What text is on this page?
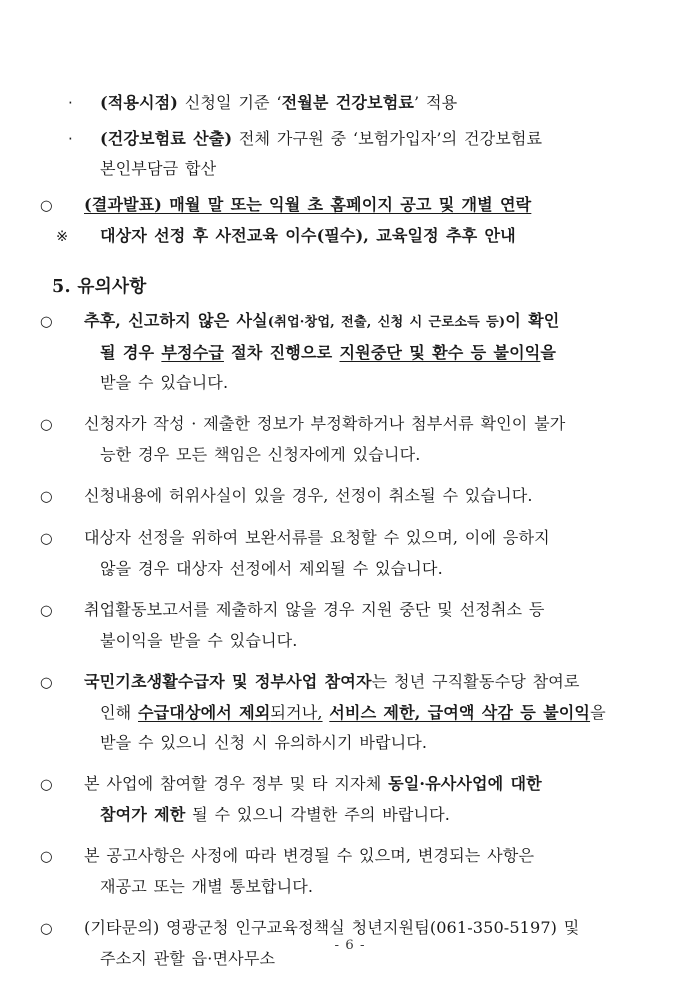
· (적용시점) 신청일 기준 ‘전월분 건강보험료’ 적용
· (건강보험료 산출) 전체 가구원 중 ‘보험가입자’의 건강보험료
본인부담금 합산
○ (결과발표) 매월 말 또는 익월 초 홈페이지 공고 및 개별 연락
※ 대상자 선정 후 사전교육 이수(필수), 교육일정 추후 안내
5. 유의사항
○ 추후, 신고하지 않은 사실(취업·창업, 전출, 신청 시 근로소득 등)이 확인
될 경우 부정수급 절차 진행으로 지원중단 및 환수 등 불이익을
받을 수 있습니다.
○ 신청자가 작성 · 제출한 정보가 부정확하거나 첨부서류 확인이 불가
능한 경우 모든 책임은 신청자에게 있습니다.
○ 신청내용에 허위사실이 있을 경우, 선정이 취소될 수 있습니다.
○ 대상자 선정을 위하여 보완서류를 요청할 수 있으며, 이에 응하지
않을 경우 대상자 선정에서 제외될 수 있습니다.
○ 취업활동보고서를 제출하지 않을 경우 지원 중단 및 선정취소 등
불이익을 받을 수 있습니다.
○ 국민기초생활수급자 및 정부사업 참여자는 청년 구직활동수당 참여로
인해 수급대상에서 제외되거나, 서비스 제한, 급여액 삭감 등 불이익을
받을 수 있으니 신청 시 유의하시기 바랍니다.
○ 본 사업에 참여할 경우 정부 및 타 지자체 동일·유사사업에 대한
참여가 제한 될 수 있으니 각별한 주의 바랍니다.
○ 본 공고사항은 사정에 따라 변경될 수 있으며, 변경되는 사항은
재공고 또는 개별 통보합니다.
○ (기타문의) 영광군청 인구교육정책실 청년지원팀(061-350-5197) 및
주소지 관할 읍·면사무소
- 6 -
